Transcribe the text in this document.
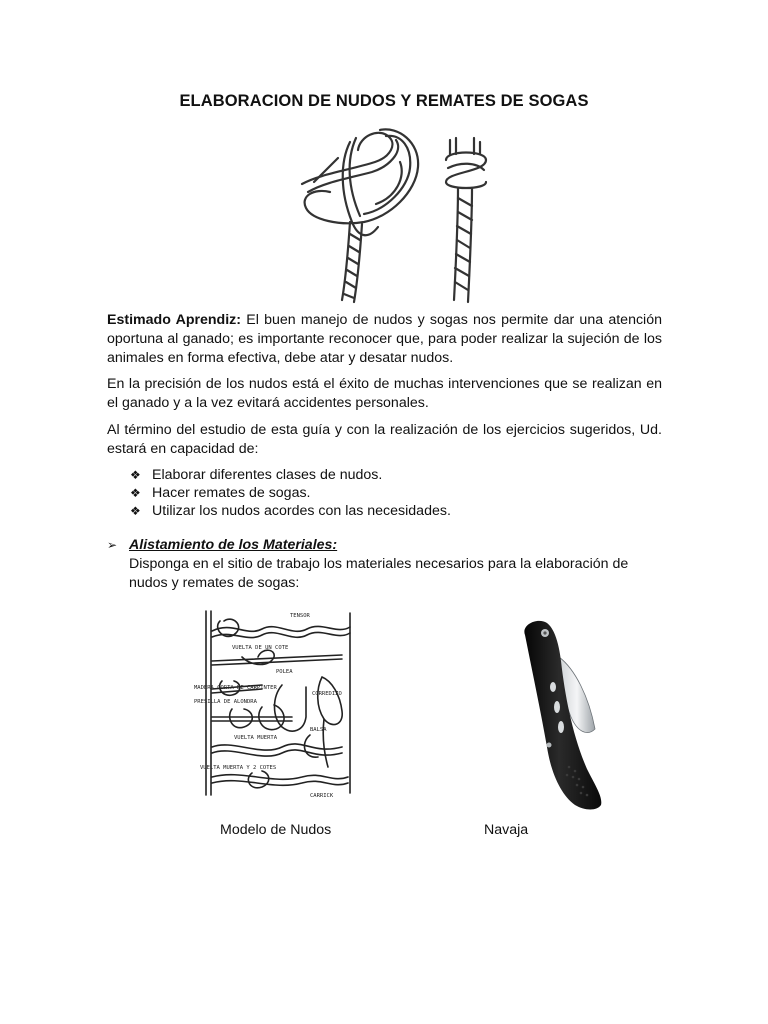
ELABORACION DE NUDOS Y REMATES DE SOGAS

Estimado Aprendiz: El buen manejo de nudos y sogas nos permite dar una atención oportuna al ganado; es importante reconocer que, para poder realizar la sujeción de los animales en forma efectiva, debe atar y desatar nudos.

En la precisión de los nudos está el éxito de muchas intervenciones que se realizan en el ganado y a la vez evitará accidentes personales.

Al término del estudio de esta guía y con la realización de los ejercicios sugeridos, Ud. estará en capacidad de:

❖ Elaborar diferentes clases de nudos.
❖ Hacer remates de sogas.
❖ Utilizar los nudos acordes con las necesidades.
➢ Alistamiento de los Materiales:
Disponga en el sitio de trabajo los materiales necesarios para la elaboración de nudos y remates de sogas:
TENSOR
VUELTA DE UN COTE
POLEA
MADERA CORTA DE CARPINTER
CORREDIZO
PRESILLA DE ALONDRA
VUELTA MUERTA
BALSA
VUELTA MUERTA Y 2 COTES
CARRICK
Modelo de Nudos	Navaja
